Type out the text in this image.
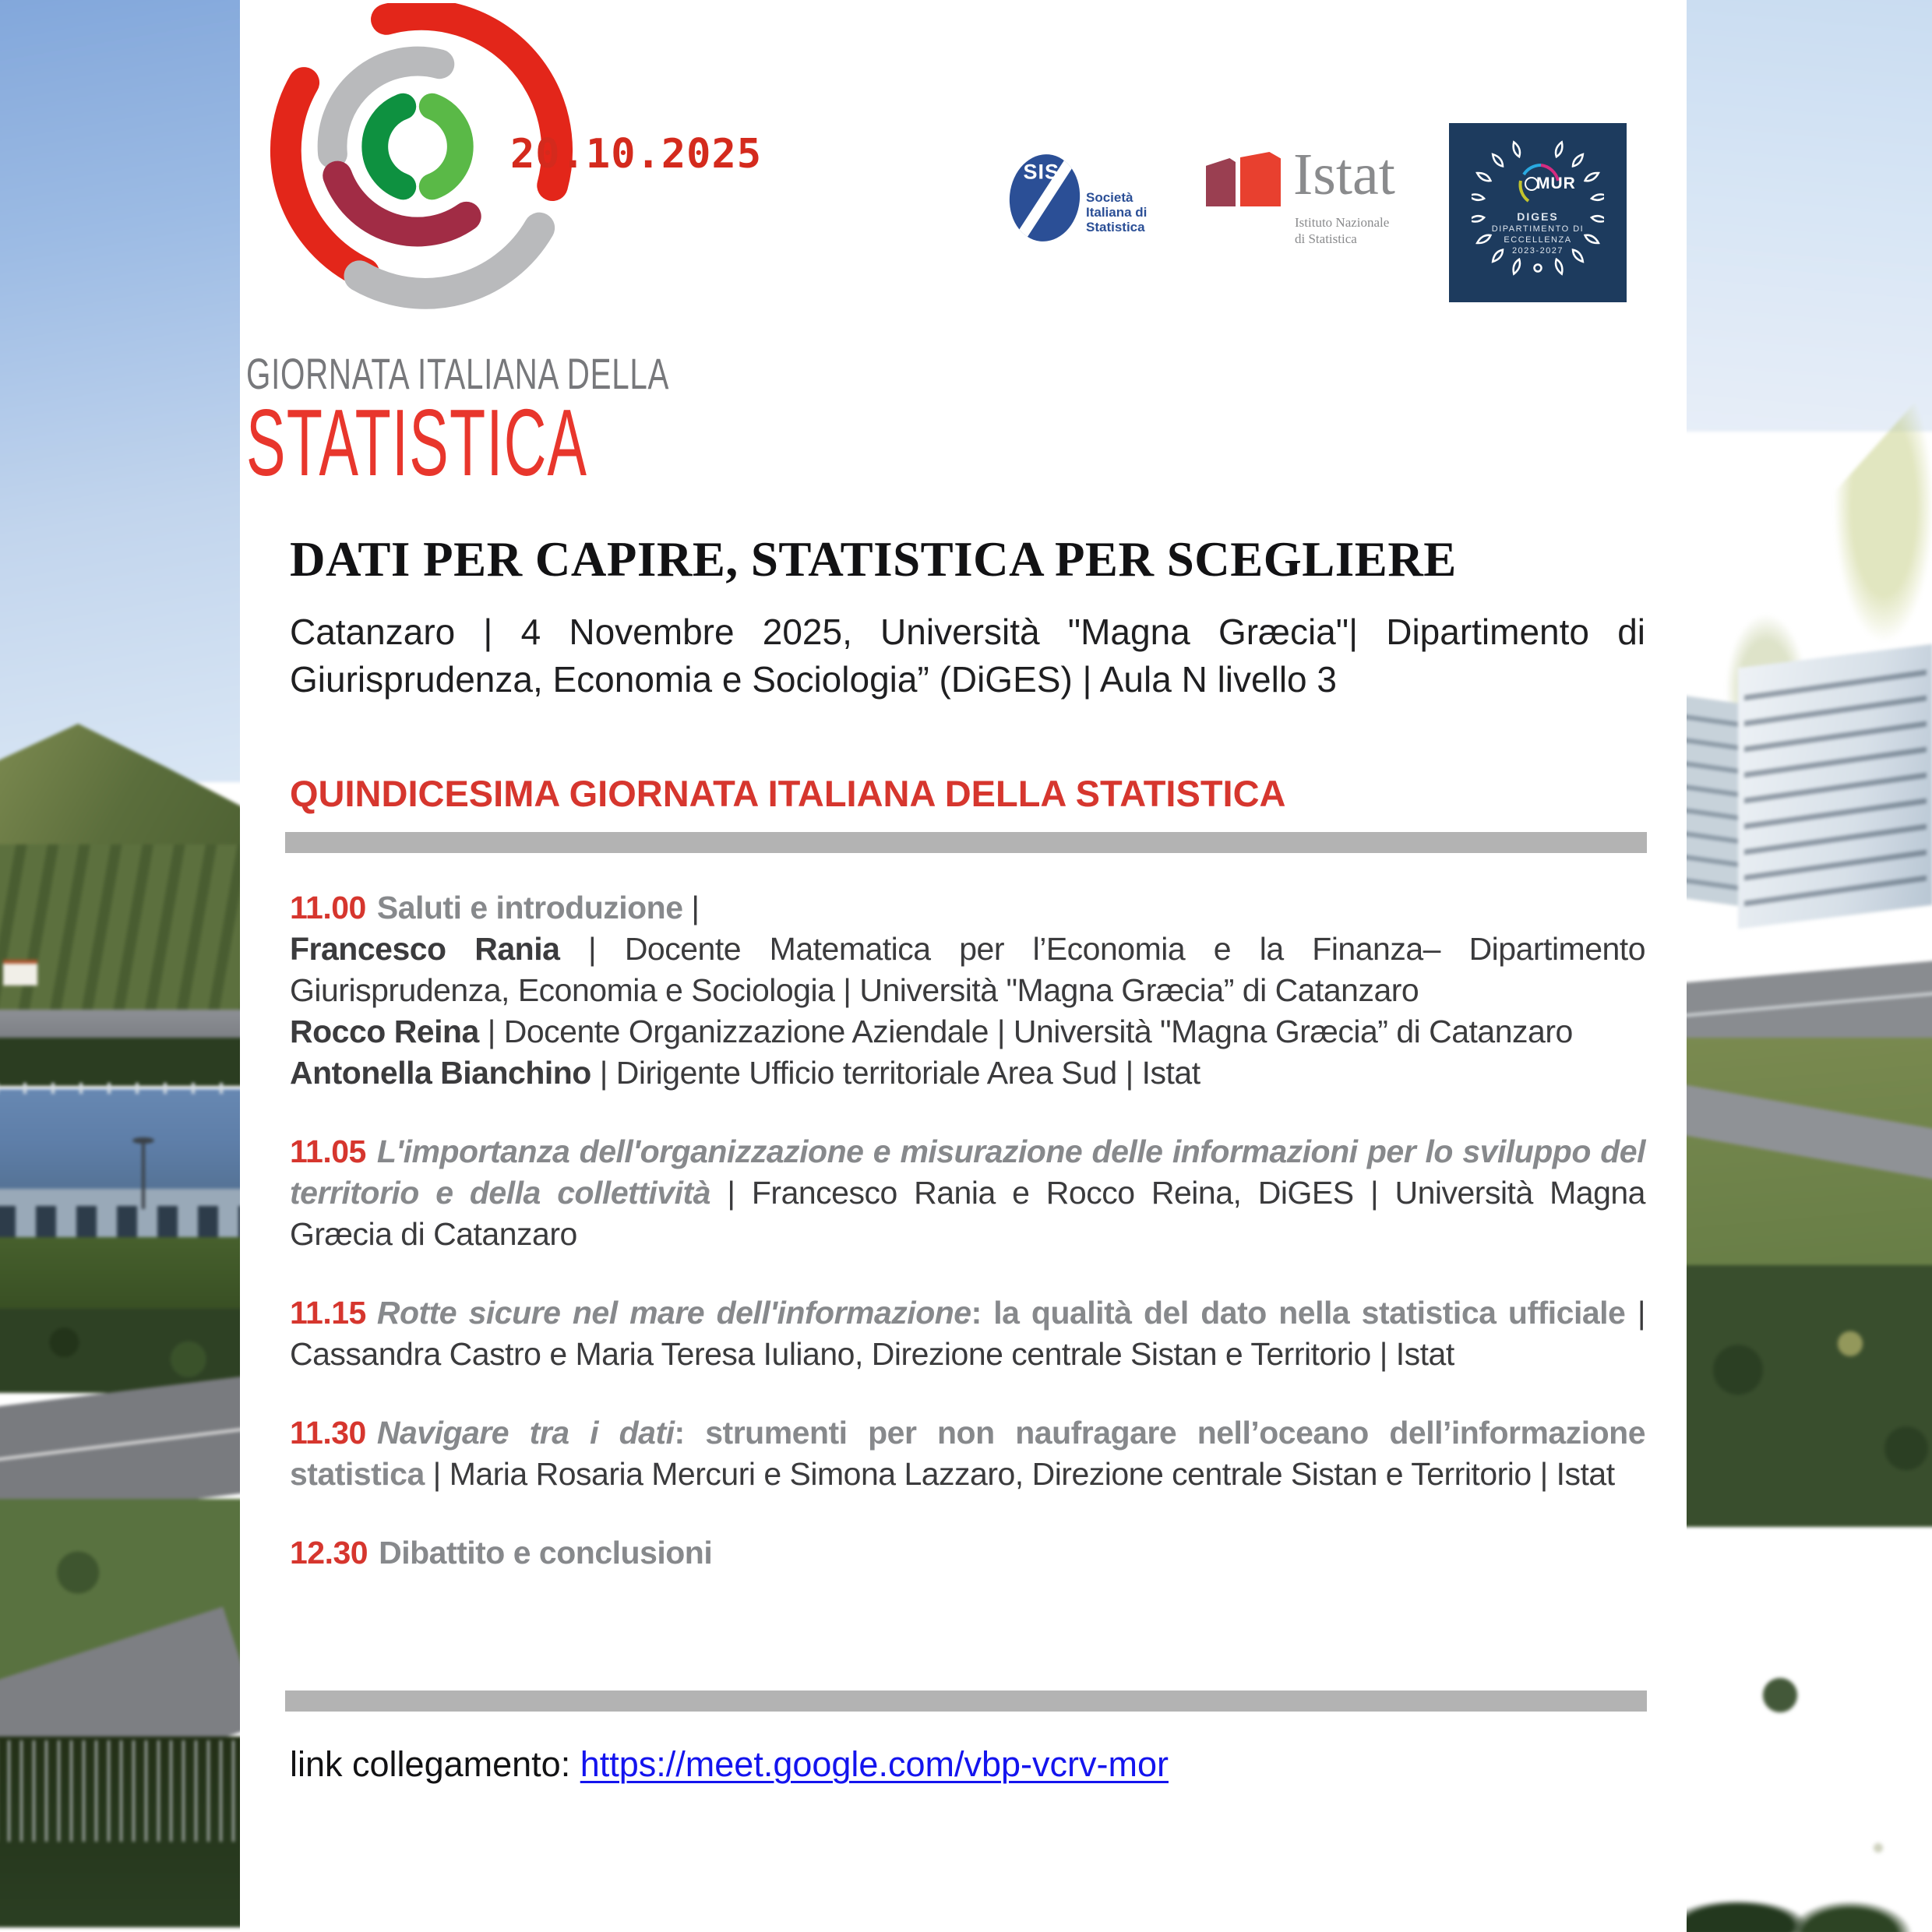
20.10.2025
GIORNATA ITALIANA DELLA
STATISTICA
SIS
Società
Italiana di
Statistica
Istat
Istituto Nazionale
di Statistica
MUR
DIGES
DIPARTIMENTO DI
ECCELLENZA
2023-2027
DATI PER CAPIRE, STATISTICA PER SCEGLIERE

Catanzaro | 4 Novembre 2025, Università "Magna Græcia"| Dipartimento di Giurisprudenza, Economia e Sociologia” (DiGES) | Aula N livello 3

QUINDICESIMA GIORNATA ITALIANA DELLA STATISTICA

11.00 Saluti e introduzione |
Francesco Rania | Docente Matematica per l’Economia e la Finanza– Dipartimento Giurisprudenza, Economia e Sociologia | Università "Magna Græcia” di Catanzaro
Rocco Reina | Docente Organizzazione Aziendale | Università "Magna Græcia” di Catanzaro
Antonella Bianchino | Dirigente Ufficio territoriale Area Sud | Istat

11.05 L'importanza dell'organizzazione e misurazione delle informazioni per lo sviluppo del territorio e della collettività | Francesco Rania e Rocco Reina, DiGES | Università Magna Græcia di Catanzaro

11.15 Rotte sicure nel mare dell'informazione: la qualità del dato nella statistica ufficiale | Cassandra Castro e Maria Teresa Iuliano, Direzione centrale Sistan e Territorio | Istat

11.30 Navigare tra i dati: strumenti per non naufragare nell’oceano dell’informazione statistica | Maria Rosaria Mercuri e Simona Lazzaro, Direzione centrale Sistan e Territorio | Istat

12.30 Dibattito e conclusioni

link collegamento: https://meet.google.com/vbp-vcrv-mor
